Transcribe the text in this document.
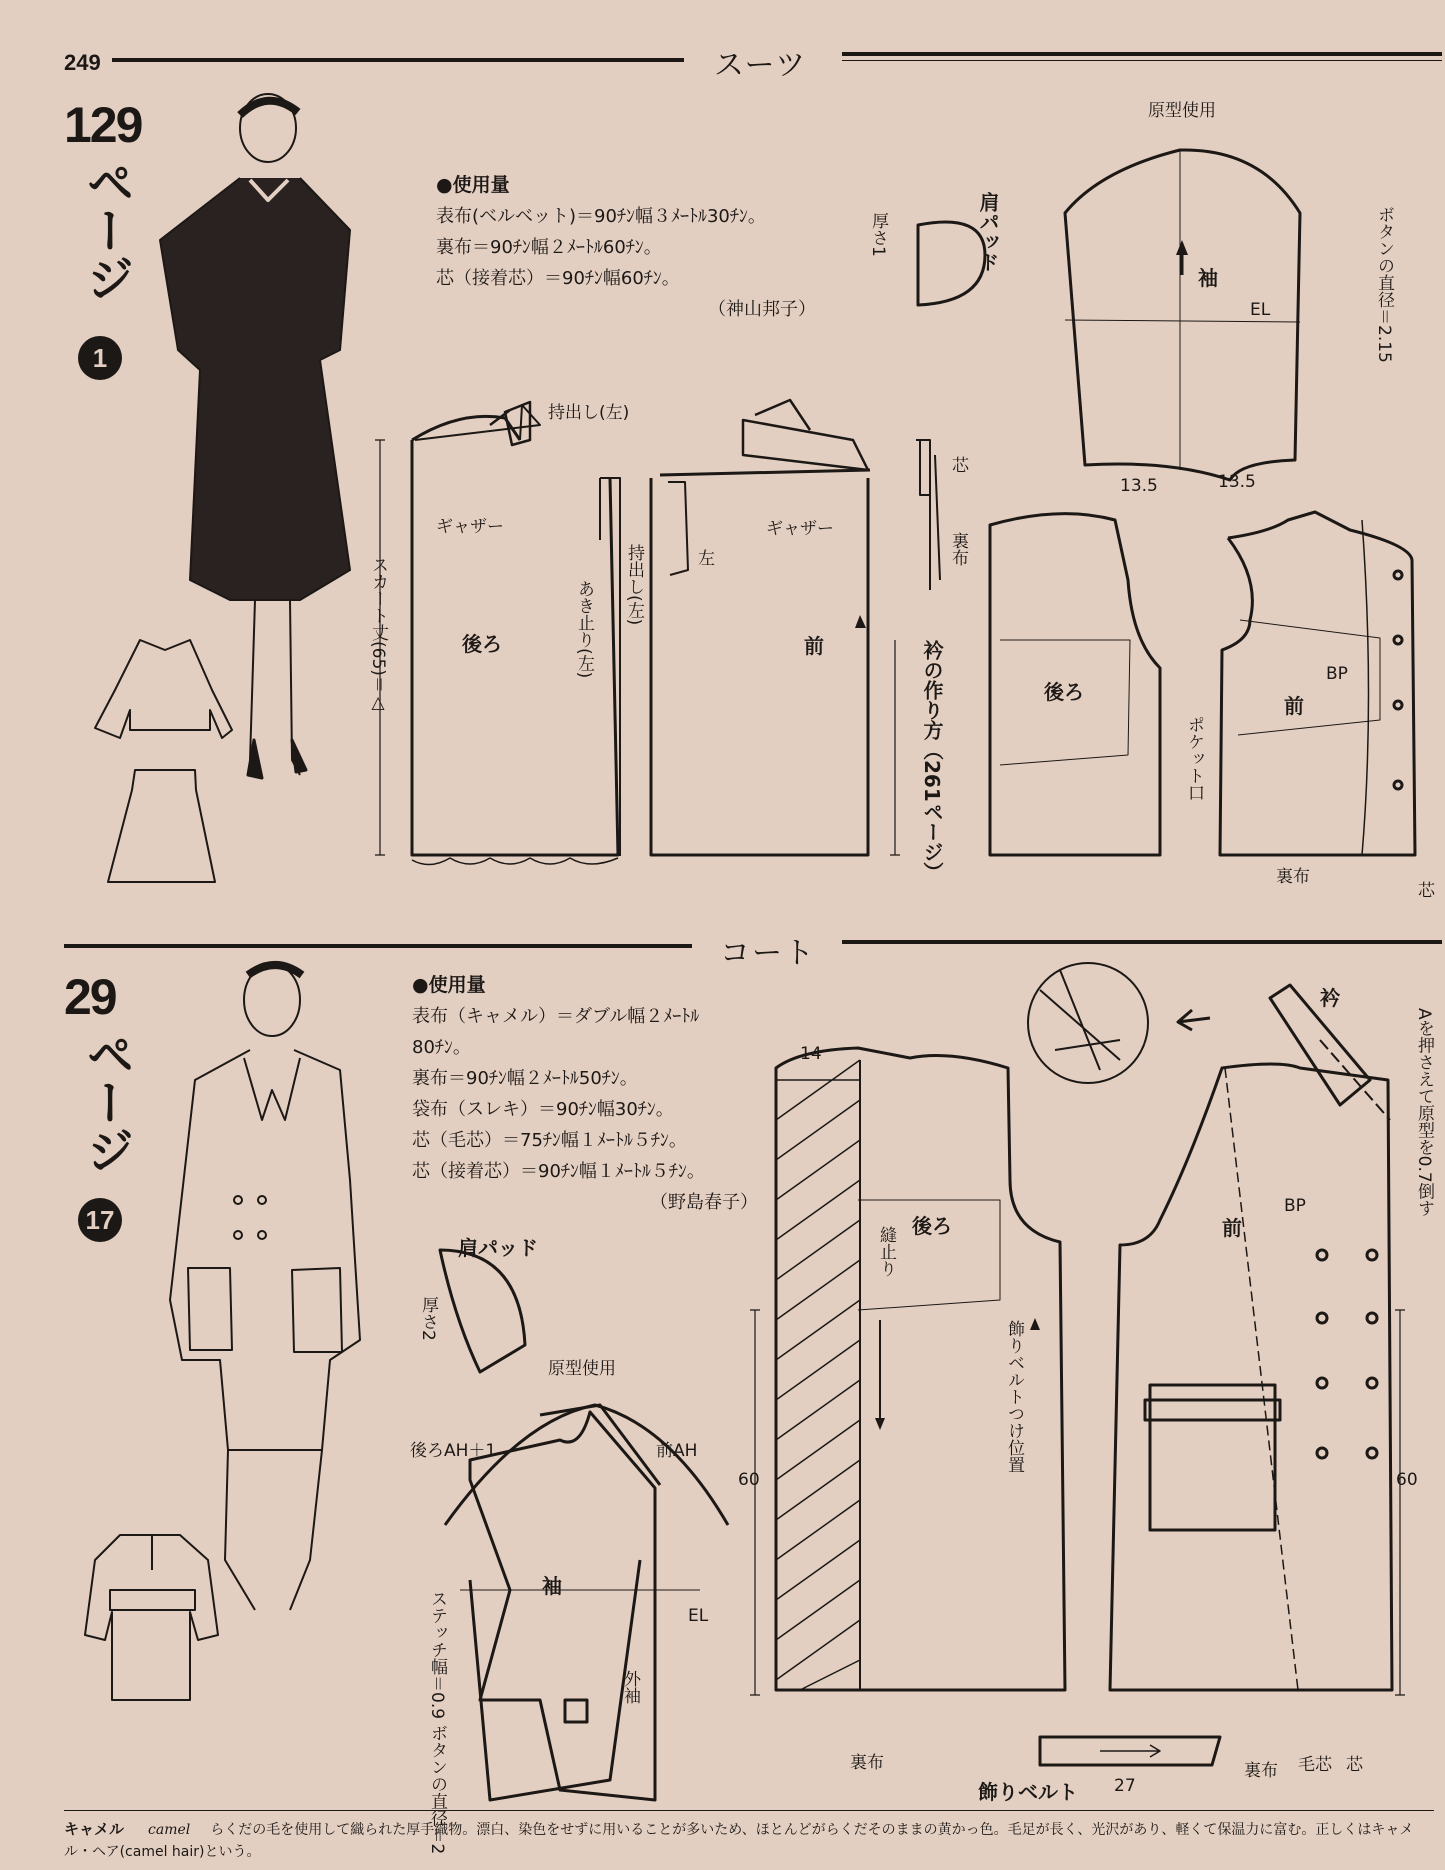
249	スーツ
129
ページ
1
●使用量
表布(ベルベット)＝90ﾁﾝ幅３ﾒｰﾄﾙ30ﾁﾝ。
裏布＝90ﾁﾝ幅２ﾒｰﾄﾙ60ﾁﾝ。
芯（接着芯）＝90ﾁﾝ幅60ﾁﾝ。
（神山邦子）
コート
29
ページ
17
●使用量
表布（キャメル）＝ダブル幅２ﾒｰﾄﾙ
80ﾁﾝ。
裏布＝90ﾁﾝ幅２ﾒｰﾄﾙ50ﾁﾝ。
袋布（スレキ）＝90ﾁﾝ幅30ﾁﾝ。
芯（毛芯）＝75ﾁﾝ幅１ﾒｰﾄﾙ５ﾁﾝ。
芯（接着芯）＝90ﾁﾝ幅１ﾒｰﾄﾙ５ﾁﾝ。
（野島春子）
原型使用
袖
EL
13.5	13.5
ボタンの直径＝2.15
肩パッド
厚さ1
持出し(左)
ギャザー	ギャザー
スカート丈(65)＝△	後ろ	前
持出し(左)
あき止り(左)
左
芯
裏布
衿の作り方（261ページ）	後ろ
前
BP
ポケット口
裏布
芯
肩パッド
厚さ2
原型使用
後ろAH＋1	前AH
袖
外袖
EL
ステッチ幅＝0.9 ボタンの直径＝2
後ろ
縫止り
飾りベルトつけ位置
前
BP
衿
Aを押さえて原型を0.7倒す
60	60
14
裏布
飾りベルト 27
裏布 毛芯 芯
キャメル camel らくだの毛を使用して織られた厚手織物。漂白、染色をせずに用いることが多いため、ほとんどがらくだそのままの黄かっ色。毛足が長く、光沢があり、軽くて保温力に富む。正しくはキャメル・ヘア(camel hair)という。
